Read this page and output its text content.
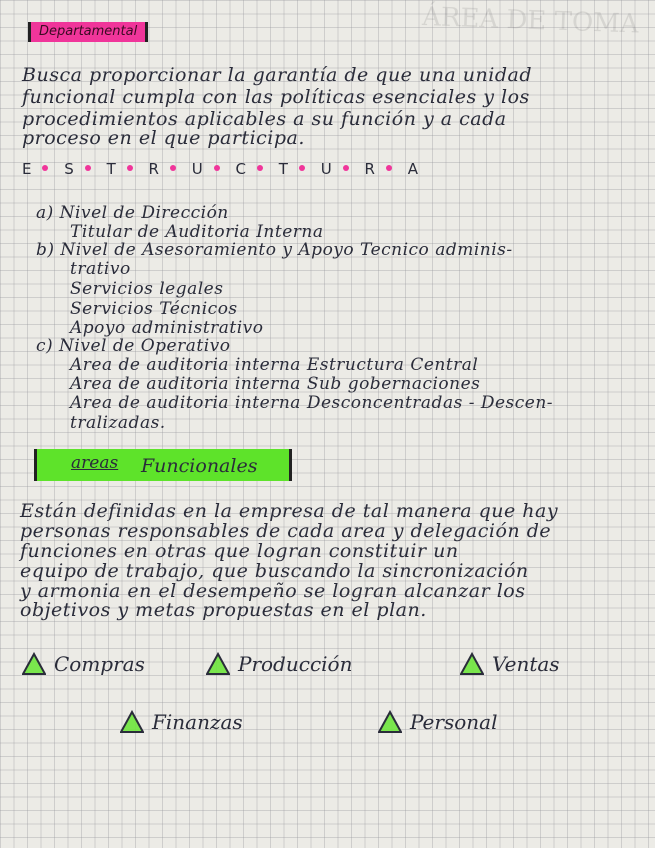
ÁREA DE TOMA
Departamental
Busca proporcionar la garantía de que una unidad
funcional cumpla con las políticas esenciales y los
procedimientos aplicables a su función y a cada
proceso en el que participa.
E S T R U C T U R A
a) Nivel de Dirección
Titular de Auditoria Interna
b) Nivel de Asesoramiento y Apoyo Tecnico adminis-
trativo
Servicios legales
Servicios Técnicos
Apoyo administrativo
c) Nivel de Operativo
Area de auditoria interna Estructura Central
Area de auditoria interna Sub gobernaciones
Area de auditoria interna Desconcentradas - Descen-
tralizadas.
areas Funcionales
Están definidas en la empresa de tal manera que hay
personas responsables de cada area y delegación de
funciones en otras que logran constituir un
equipo de trabajo, que buscando la sincronización
y armonia en el desempeño se logran alcanzar los
objetivos y metas propuestas en el plan.
Compras	Producción	Ventas
Finanzas	Personal
